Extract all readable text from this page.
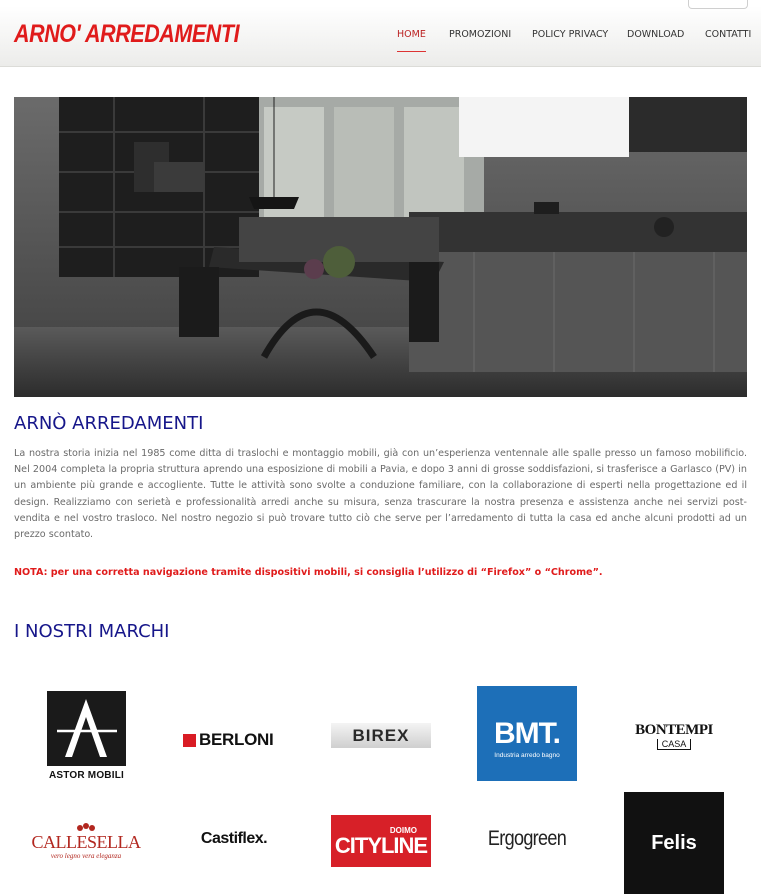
ARNO' ARREDAMENTI	HOME PROMOZIONI POLICY PRIVACY DOWNLOAD CONTATTI
ARNÒ ARREDAMENTI

La nostra storia inizia nel 1985 come ditta di traslochi e montaggio mobili, già con un’esperienza ventennale alle spalle presso un famoso mobilificio. Nel 2004 completa la propria struttura aprendo una esposizione di mobili a Pavia, e dopo 3 anni di grosse soddisfazioni, si trasferisce a Garlasco (PV) in un ambiente più grande e accogliente. Tutte le attività sono svolte a conduzione familiare, con la collaborazione di esperti nella progettazione ed il design. Realizziamo con serietà e professionalità arredi anche su misura, senza trascurare la nostra presenza e assistenza anche nei servizi post-vendita e nel vostro trasloco. Nel nostro negozio si può trovare tutto ciò che serve per l’arredamento di tutta la casa ed anche alcuni prodotti ad un prezzo scontato.

NOTA: per una corretta navigazione tramite dispositivi mobili, si consiglia l’utilizzo di “Firefox” o “Chrome”.
I NOSTRI MARCHI
ASTOR MOBILI
BERLONI	BIREX	BMT.
Industria arredo bagno
BONTEMPI
CASA
CALLESELLA
vero legno vera eleganza
Castiflex.	DOIMO
CITYLINE	Ergogreen	Felis
